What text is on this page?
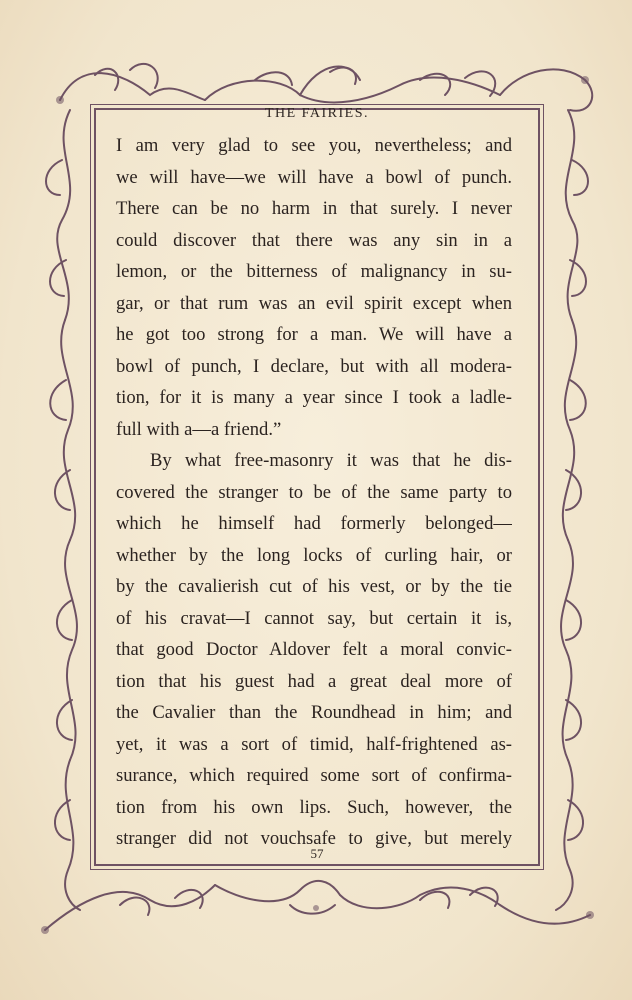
THE FAIRIES.
I am very glad to see you, nevertheless; and
we will have—we will have a bowl of punch.
There can be no harm in that surely. I never
could discover that there was any sin in a
lemon, or the bitterness of malignancy in su-
gar, or that rum was an evil spirit except when
he got too strong for a man. We will have a
bowl of punch, I declare, but with all modera-
tion, for it is many a year since I took a ladle-
full with a—a friend.”
By what free-masonry it was that he dis-
covered the stranger to be of the same party to
which he himself had formerly belonged—
whether by the long locks of curling hair, or
by the cavalierish cut of his vest, or by the tie
of his cravat—I cannot say, but certain it is,
that good Doctor Aldover felt a moral convic-
tion that his guest had a great deal more of
the Cavalier than the Roundhead in him; and
yet, it was a sort of timid, half-frightened as-
surance, which required some sort of confirma-
tion from his own lips. Such, however, the
stranger did not vouchsafe to give, but merely
57
